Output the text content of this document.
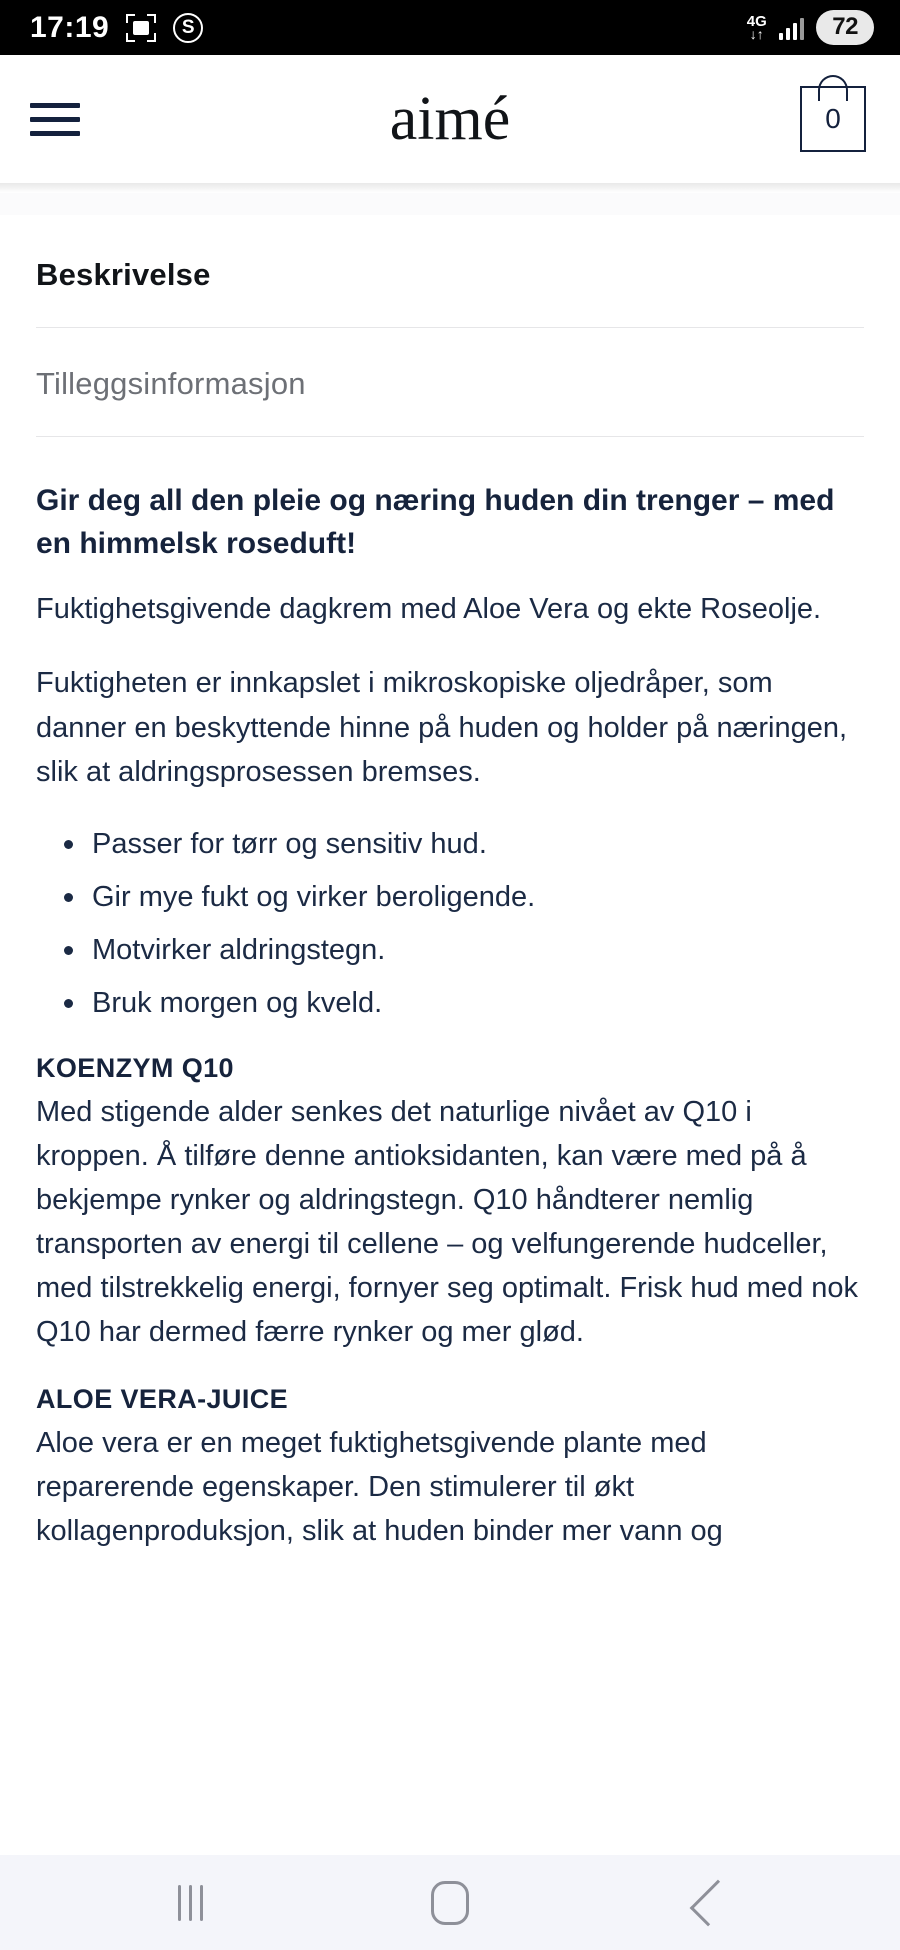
17:19	S	4G
↓↑	72
aimé	0
Beskrivelse
Tilleggsinformasjon
Gir deg all den pleie og næring huden din trenger – med en himmelsk roseduft!

Fuktighetsgivende dagkrem med Aloe Vera og ekte Roseolje.

Fuktigheten er innkapslet i mikroskopiske oljedråper, som danner en beskyttende hinne på huden og holder på næringen, slik at aldringsprosessen bremses.

Passer for tørr og sensitiv hud.
Gir mye fukt og virker beroligende.
Motvirker aldringstegn.
Bruk morgen og kveld.
KOENZYM Q10

Med stigende alder senkes det naturlige nivået av Q10 i kroppen. Å tilføre denne antioksidanten, kan være med på å bekjempe rynker og aldringstegn. Q10 håndterer nemlig transporten av energi til cellene – og velfungerende hudceller, med tilstrekkelig energi, fornyer seg optimalt. Frisk hud med nok Q10 har dermed færre rynker og mer glød.

ALOE VERA-JUICE

Aloe vera er en meget fuktighetsgivende plante med reparerende egenskaper. Den stimulerer til økt kollagenproduksjon, slik at huden binder mer vann og
